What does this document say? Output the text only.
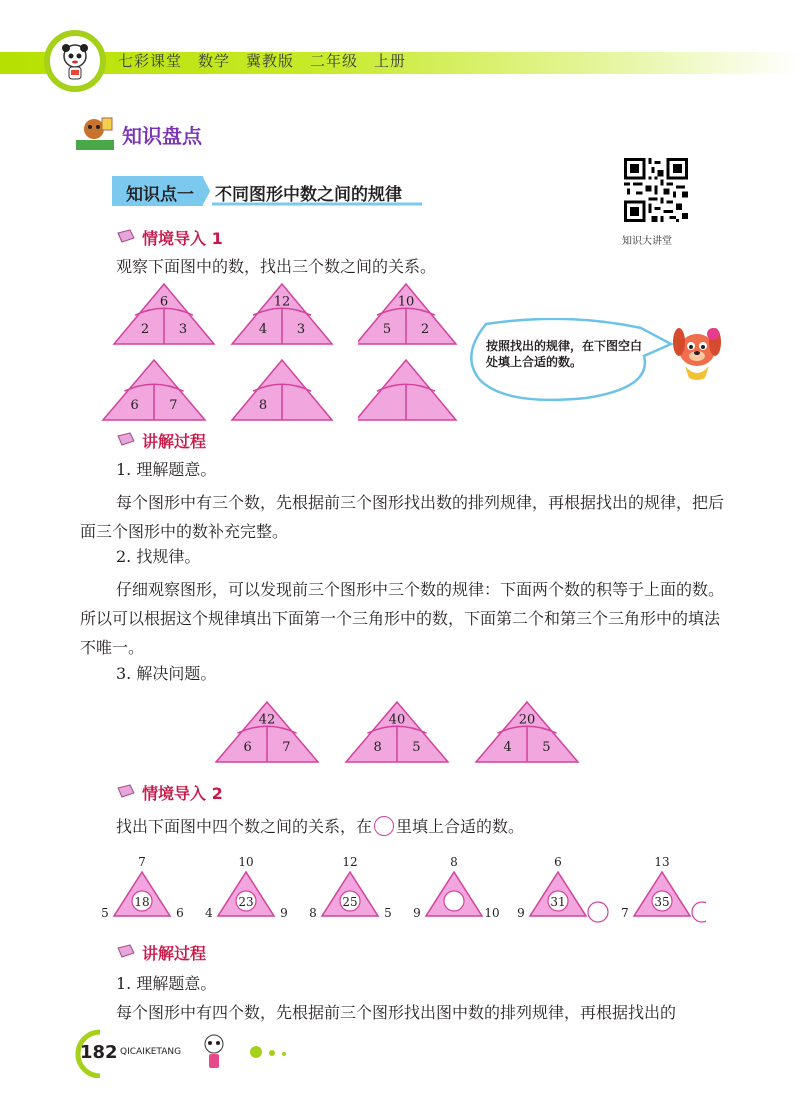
七彩课堂　数学　冀教版　二年级　上册
知识盘点
知识点一 不同图形中数之间的规律
知识大讲堂
情境导入 1
观察下面图中的数，找出三个数之间的关系。
6
2 3
12
4 3
6 7	8
10
5 2
按照找出的规律，在下图空白处填上合适的数。
讲解过程
1. 理解题意。
每个图形中有三个数，先根据前三个图形找出数的排列规律，再根据找出的规律，把后面三个图形中的数补充完整。
2. 找规律。
仔细观察图形，可以发现前三个图形中三个数的规律：下面两个数的积等于上面的数。所以可以根据这个规律填出下面第一个三角形中的数，下面第二个和第三个三角形中的填法不唯一。
3. 解决问题。
42
6 7
40
8 5
20
4 5
情境导入 2
找出下面图中四个数之间的关系，在 里填上合适的数。
18
7
5	6
23
10
4	9
25
12
8	5
8
9	10
31
6
9
35
13
7
讲解过程
1. 理解题意。
每个图形中有四个数，先根据前三个图形找出图中数的排列规律，再根据找出的
182 QICAIKETANG
